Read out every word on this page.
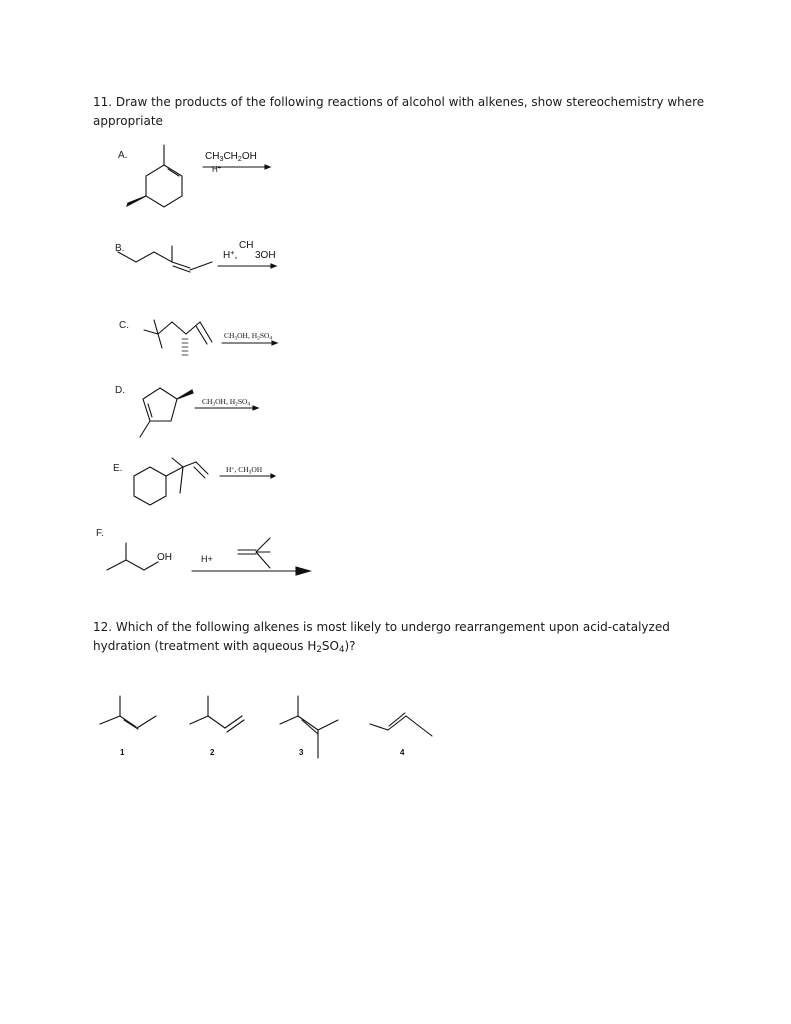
11. Draw the products of the following reactions of alcohol with alkenes, show stereochemistry where appropriate
A.
B.
C.
D.
E.
F.
$CH_3CH_2OH$
H+
H+,
CH
3OH
$CH_3OH$, $H_2SO_4$
$CH_3OH$, $H_2SO_4$
H+, $CH_3OH$
OH	H+
12. Which of the following alkenes is most likely to undergo rearrangement upon acid-catalyzed hydration (treatment with aqueous $H_2SO_4$)?
1	2	3	4
